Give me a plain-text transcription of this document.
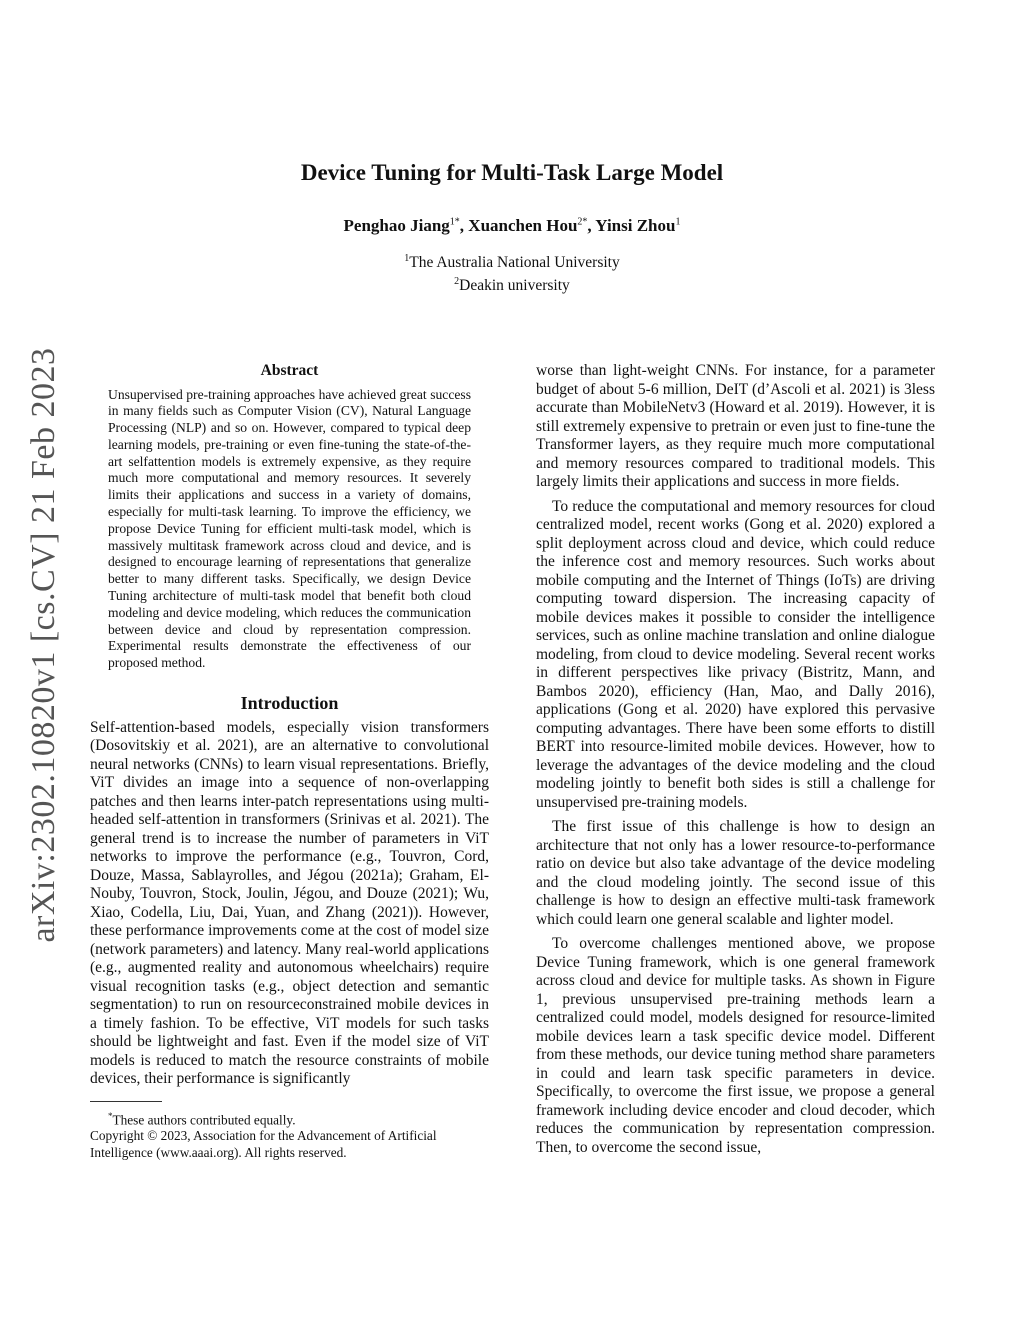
arXiv:2302.10820v1 [cs.CV] 21 Feb 2023
Device Tuning for Multi-Task Large Model
Penghao Jiang$^{1*}$, Xuanchen Hou$^{2*}$, Yinsi Zhou$^1$
$^1$The Australia National University
$^2$Deakin university
Abstract

Unsupervised pre-training approaches have achieved great success in many fields such as Computer Vision (CV), Natural Language Processing (NLP) and so on. However, compared to typical deep learning models, pre-training or even fine-tuning the state-of-the-art selfattention models is extremely expensive, as they require much more computational and memory resources. It severely limits their applications and success in a variety of domains, especially for multi-task learning. To improve the efficiency, we propose Device Tuning for efficient multi-task model, which is massively multitask framework across cloud and device, and is designed to encourage learning of representations that generalize better to many different tasks. Specifically, we design Device Tuning architecture of multi-task model that benefit both cloud modeling and device modeling, which reduces the communication between device and cloud by representation compression. Experimental results demonstrate the effectiveness of our proposed method.

Introduction

Self-attention-based models, especially vision transformers (Dosovitskiy et al. 2021), are an alternative to convolutional neural networks (CNNs) to learn visual representations. Briefly, ViT divides an image into a sequence of non-overlapping patches and then learns inter-patch representations using multi-headed self-attention in transformers (Srinivas et al. 2021). The general trend is to increase the number of parameters in ViT networks to improve the performance (e.g., Touvron, Cord, Douze, Massa, Sablayrolles, and Jégou (2021a); Graham, El-Nouby, Touvron, Stock, Joulin, Jégou, and Douze (2021); Wu, Xiao, Codella, Liu, Dai, Yuan, and Zhang (2021)). However, these performance improvements come at the cost of model size (network parameters) and latency. Many real-world applications (e.g., augmented reality and autonomous wheelchairs) require visual recognition tasks (e.g., object detection and semantic segmentation) to run on resourceconstrained mobile devices in a timely fashion. To be effective, ViT models for such tasks should be lightweight and fast. Even if the model size of ViT models is reduced to match the resource constraints of mobile devices, their performance is significantly

*These authors contributed equally.

Copyright © 2023, Association for the Advancement of Artificial Intelligence (www.aaai.org). All rights reserved.

worse than light-weight CNNs. For instance, for a parameter budget of about 5-6 million, DeIT (d’Ascoli et al. 2021) is 3less accurate than MobileNetv3 (Howard et al. 2019). However, it is still extremely expensive to pretrain or even just to fine-tune the Transformer layers, as they require much more computational and memory resources compared to traditional models. This largely limits their applications and success in more fields.

To reduce the computational and memory resources for cloud centralized model, recent works (Gong et al. 2020) explored a split deployment across cloud and device, which could reduce the inference cost and memory resources. Such works about mobile computing and the Internet of Things (IoTs) are driving computing toward dispersion. The increasing capacity of mobile devices makes it possible to consider the intelligence services, such as online machine translation and online dialogue modeling, from cloud to device modeling. Several recent works in different perspectives like privacy (Bistritz, Mann, and Bambos 2020), efficiency (Han, Mao, and Dally 2016), applications (Gong et al. 2020) have explored this pervasive computing advantages. There have been some efforts to distill BERT into resource-limited mobile devices. However, how to leverage the advantages of the device modeling and the cloud modeling jointly to benefit both sides is still a challenge for unsupervised pre-training models.

The first issue of this challenge is how to design an architecture that not only has a lower resource-to-performance ratio on device but also take advantage of the device modeling and the cloud modeling jointly. The second issue of this challenge is how to design an effective multi-task framework which could learn one general scalable and lighter model.

To overcome challenges mentioned above, we propose Device Tuning framework, which is one general framework across cloud and device for multiple tasks. As shown in Figure 1, previous unsupervised pre-training methods learn a centralized could model, models designed for resource-limited mobile devices learn a task specific device model. Different from these methods, our device tuning method share parameters in could and learn task specific parameters in device. Specifically, to overcome the first issue, we propose a general framework including device encoder and cloud decoder, which reduces the communication by representation compression. Then, to overcome the second issue,
